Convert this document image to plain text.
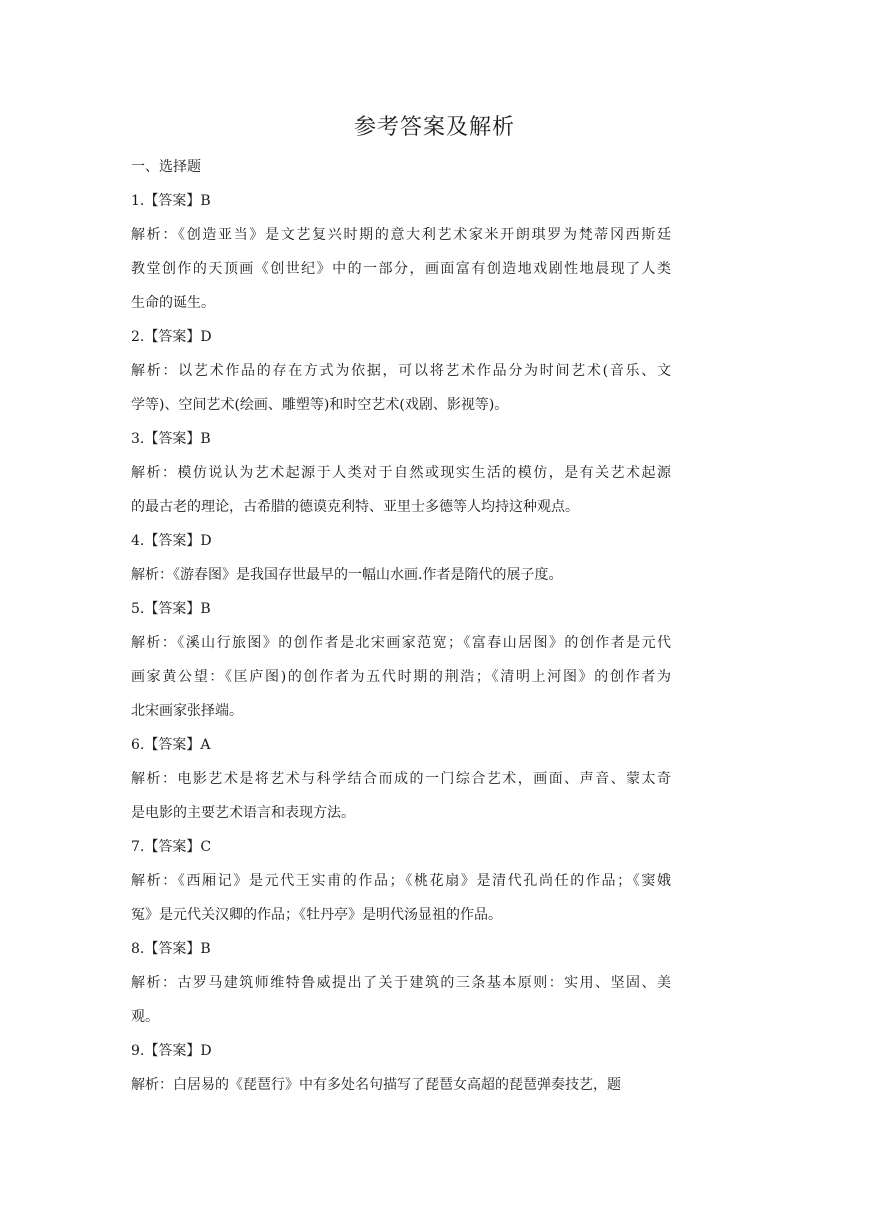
参考答案及解析
一、选择题
1.【答案】B
解析：《创造亚当》是文艺复兴时期的意大利艺术家米开朗琪罗为梵蒂冈西斯廷
教堂创作的天顶画《创世纪》中的一部分，画面富有创造地戏剧性地晨现了人类
生命的诞生。
2.【答案】D
解析：以艺术作品的存在方式为依据，可以将艺术作品分为时间艺术(音乐、文
学等)、空间艺术(绘画、雕塑等)和时空艺术(戏剧、影视等)。
3.【答案】B
解析：模仿说认为艺术起源于人类对于自然或现实生活的模仿，是有关艺术起源
的最古老的理论，古希腊的德谟克利特、亚里士多德等人均持这种观点。
4.【答案】D
解析：《游春图》是我国存世最早的一幅山水画.作者是隋代的展子度。
5.【答案】B
解析：《溪山行旅图》的创作者是北宋画家范宽；《富春山居图》的创作者是元代
画家黄公望：《匡庐图)的创作者为五代时期的荆浩；《清明上河图》的创作者为
北宋画家张择端。
6.【答案】A
解析：电影艺术是将艺术与科学结合而成的一门综合艺术，画面、声音、蒙太奇
是电影的主要艺术语言和表现方法。
7.【答案】C
解析：《西厢记》是元代王实甫的作品；《桃花扇》是清代孔尚任的作品；《窦娥
冤》是元代关汉卿的作品；《牡丹亭》是明代汤显祖的作品。
8.【答案】B
解析：古罗马建筑师维特鲁威提出了关于建筑的三条基本原则：实用、坚固、美
观。
9.【答案】D
解析：白居易的《琵琶行》中有多处名句描写了琵琶女高超的琵琶弹奏技艺，题
